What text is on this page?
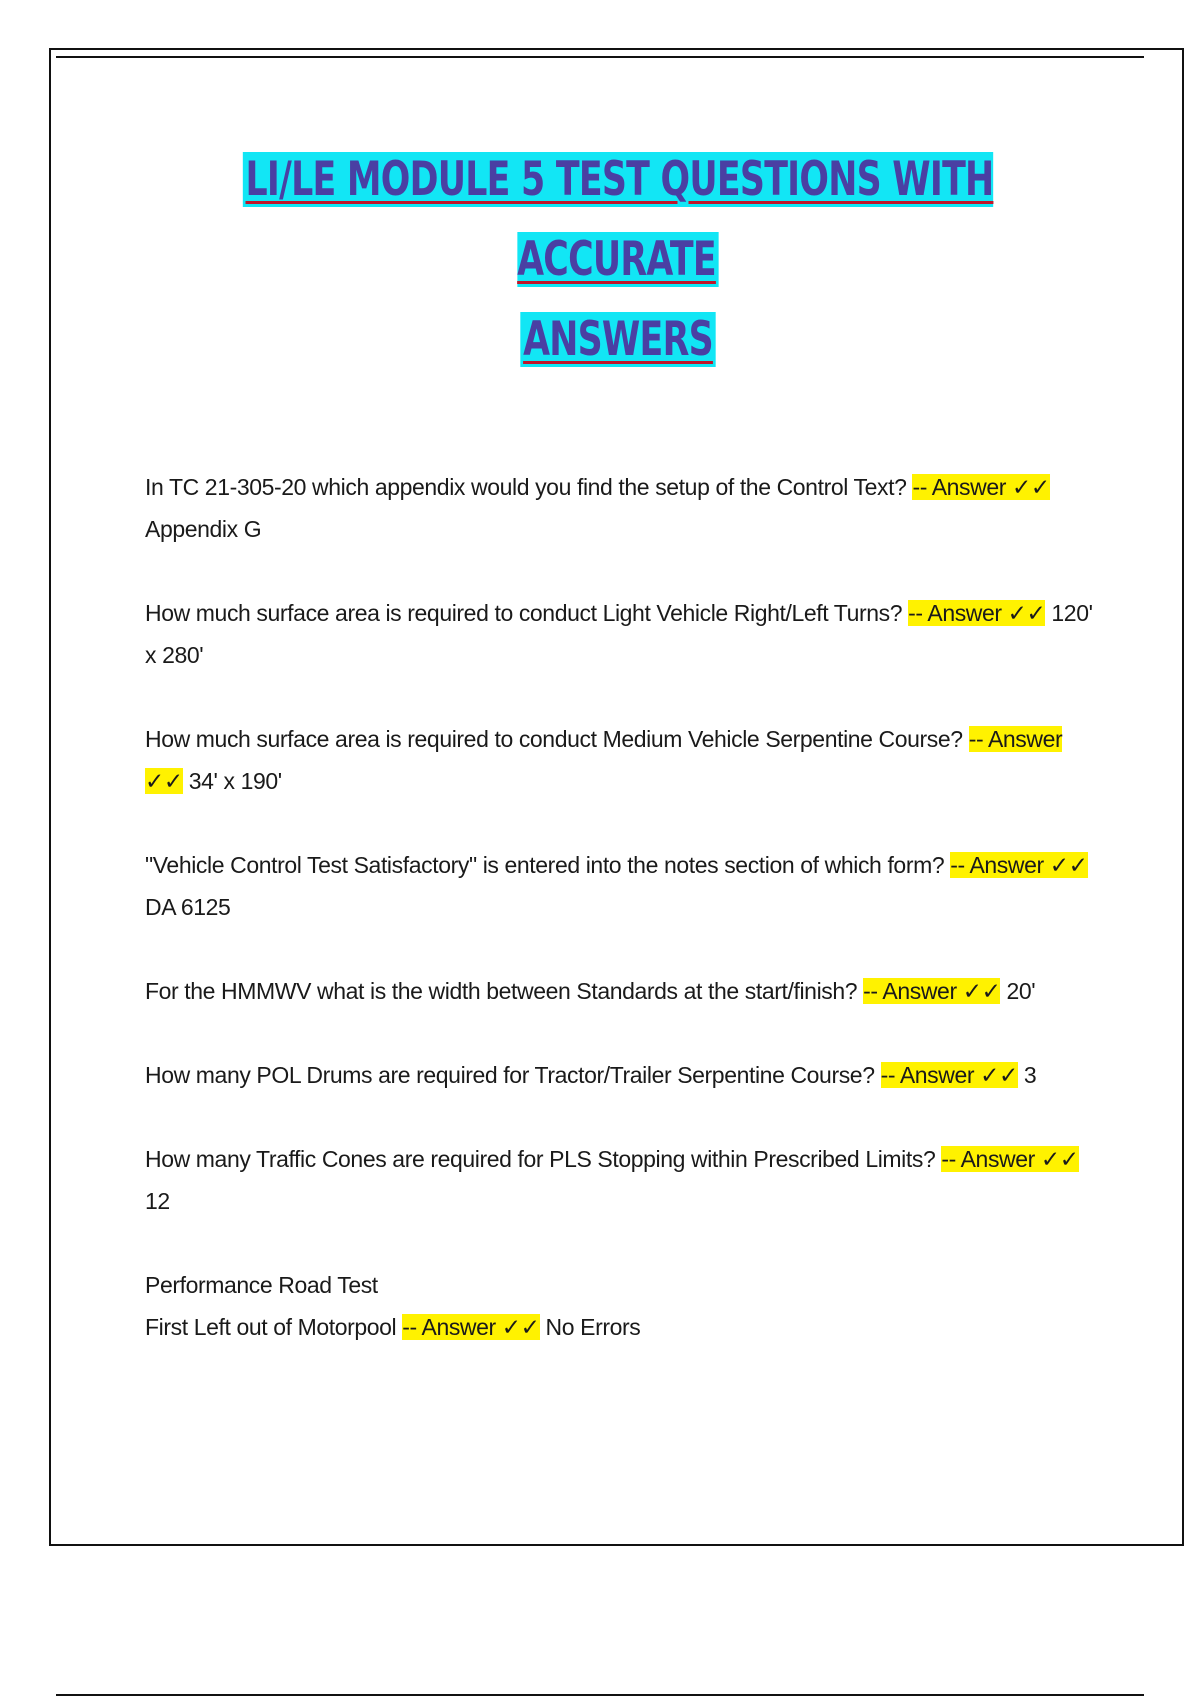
LI/LE MODULE 5 TEST QUESTIONS WITH ACCURATE
ANSWERS

In TC 21-305-20 which appendix would you find the setup of the Control Text? -- Answer ✓✓ Appendix G

How much surface area is required to conduct Light Vehicle Right/Left Turns? -- Answer ✓✓ 120' x 280'

How much surface area is required to conduct Medium Vehicle Serpentine Course? -- Answer ✓✓ 34' x 190'

"Vehicle Control Test Satisfactory" is entered into the notes section of which form? -- Answer ✓✓ DA 6125

For the HMMWV what is the width between Standards at the start/finish? -- Answer ✓✓ 20'

How many POL Drums are required for Tractor/Trailer Serpentine Course? -- Answer ✓✓ 3

How many Traffic Cones are required for PLS Stopping within Prescribed Limits? -- Answer ✓✓ 12

Performance Road Test
First Left out of Motorpool -- Answer ✓✓ No Errors
